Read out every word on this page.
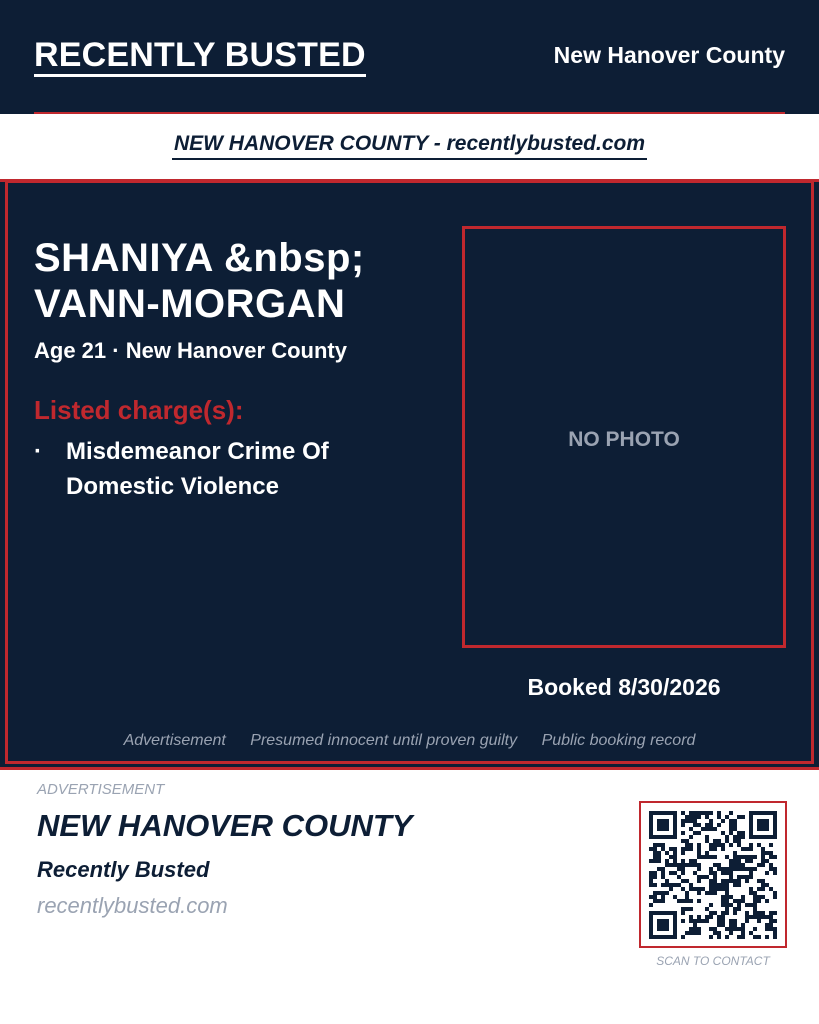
RECENTLY BUSTED	New Hanover County
NEW HANOVER COUNTY - recentlybusted.com
SHANIYA &nbsp; VANN-MORGAN
Age 21 · New Hanover County
Listed charge(s):
· Misdemeanor Crime Of Domestic Violence
NO PHOTO
Booked 8/30/2026
Advertisement Presumed innocent until proven guilty Public booking record
ADVERTISEMENT
NEW HANOVER COUNTY
Recently Busted
recentlybusted.com
SCAN TO CONTACT
